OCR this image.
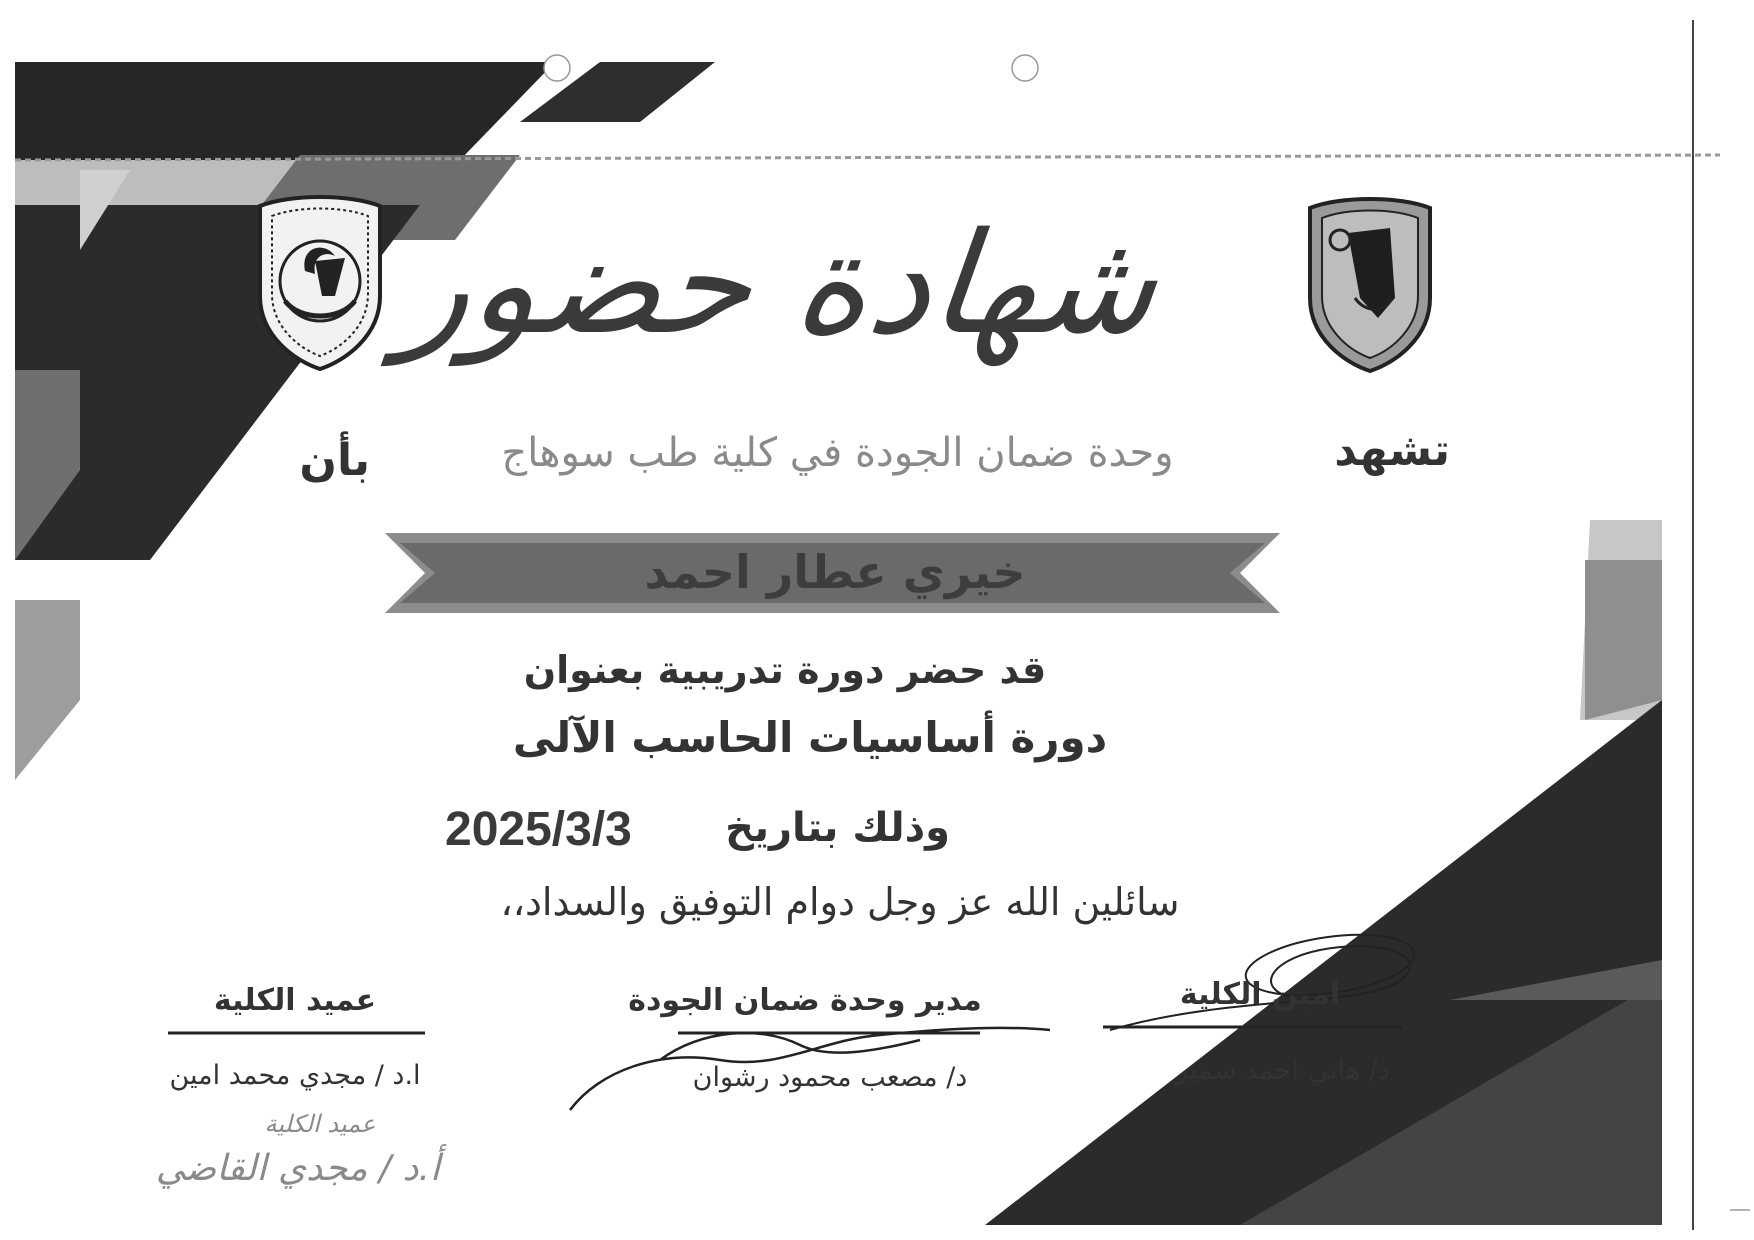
شهادة حضور
تشهد
وحدة ضمان الجودة في كلية طب سوهاج
بأن
خيري عطار احمد
قد حضر دورة تدريبية بعنوان
دورة أساسيات الحاسب الآلى
وذلك بتاريخ
2025/3/3
سائلين الله عز وجل دوام التوفيق والسداد،،
امين الكلية
د/ هاني احمد سمير
مدير وحدة ضمان الجودة
د/ مصعب محمود رشوان
عميد الكلية
ا.د / مجدي محمد امين
عميد الكلية
أ.د / مجدي القاضي
